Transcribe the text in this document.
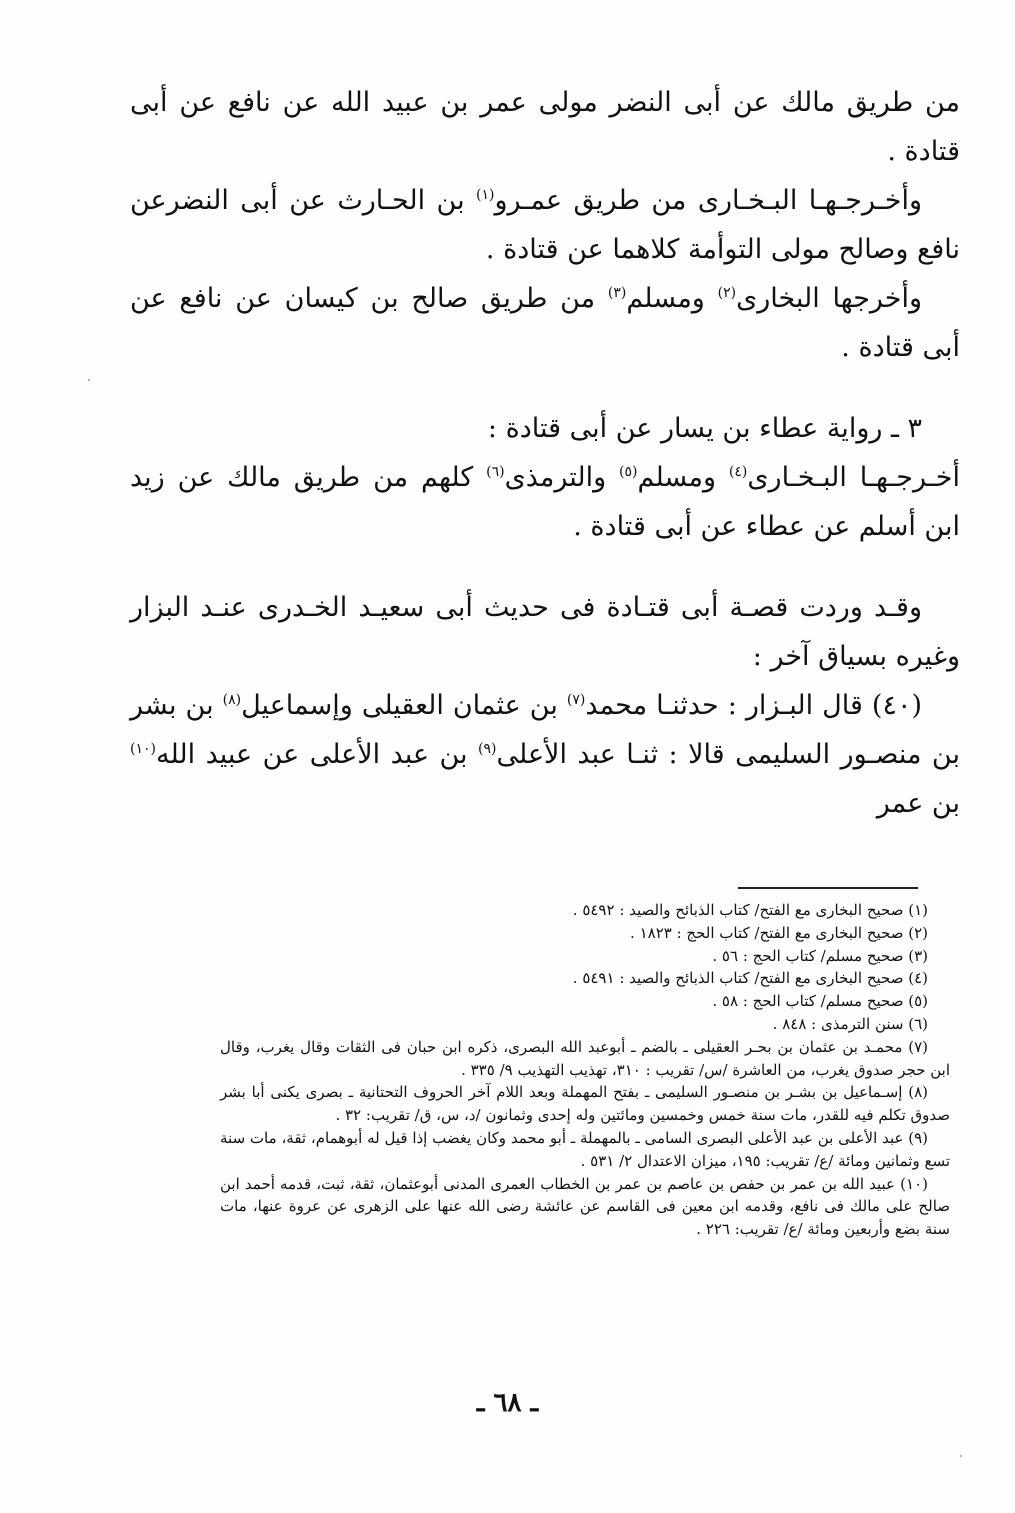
من طريق مالك عن أبى النضر مولى عمر بن عبيد الله عن نافع عن أبى قتادة .

وأخـرجـهـا البـخـارى من طريق عمـرو$^{(١)}$ بن الحـارث عن أبى النضرعن نافع وصالح مولى التوأمة كلاهما عن قتادة .

وأخرجها البخارى$^{(٢)}$ ومسلم$^{(٣)}$ من طريق صالح بن كيسان عن نافع عن أبى قتادة .

٣ ـ رواية عطاء بن يسار عن أبى قتادة :

أخـرجـهـا البـخـارى$^{(٤)}$ ومسلم$^{(٥)}$ والترمذى$^{(٦)}$ كلهم من طريق مالك عن زيد ابن أسلم عن عطاء عن أبى قتادة .

وقـد وردت قصـة أبى قتـادة فى حديث أبى سعيـد الخـدرى عنـد البزار وغيره بسياق آخر :

(٤٠) قال البـزار : حدثنـا محمد$^{(٧)}$ بن عثمان العقيلى وإسماعيل$^{(٨)}$ بن بشر بن منصـور السليمى قالا : ثنـا عبد الأعلى$^{(٩)}$ بن عبد الأعلى عن عبيد الله$^{(١٠)}$ بن عمر

(١) صحيح البخارى مع الفتح/ كتاب الذبائح والصيد : ٥٤٩٢ .

(٢) صحيح البخارى مع الفتح/ كتاب الحج : ١٨٢٣ .

(٣) صحيح مسلم/ كتاب الحج : ٥٦ .

(٤) صحيح البخارى مع الفتح/ كتاب الذبائح والصيد : ٥٤٩١ .

(٥) صحيح مسلم/ كتاب الحج : ٥٨ .

(٦) سنن الترمذى : ٨٤٨ .

(٧) محمـد بن عثمان بن بحـر العقيلى ـ بالضم ـ أبوعبد الله البصرى، ذكره ابن حبان فى الثقات وقال يغرب، وقال ابن حجر صدوق يغرب، من العاشرة /س/ تقريب : ٣١٠، تهذيب التهذيب ٩/ ٣٣٥ .

(٨) إسـماعيل بن بشـر بن منصـور السليمى ـ بفتح المهملة وبعد اللام آخر الحروف التحتانية ـ بصرى يكنى أبا بشر صدوق تكلم فيه للقدر، مات سنة خمس وخمسين ومائتين وله إحدى وثمانون /د، س، ق/ تقريب: ٣٢ .

(٩) عبد الأعلى بن عبد الأعلى البصرى السامى ـ بالمهملة ـ أبو محمد وكان يغضب إذا قيل له أبوهمام، ثقة، مات سنة تسع وثمانين ومائة /ع/ تقريب: ١٩٥، ميزان الاعتدال ٢/ ٥٣١ .

(١٠) عبيد الله بن عمر بن حفص بن عاصم بن عمر بن الخطاب العمرى المدنى أبوعثمان، ثقة، ثبت، قدمه أحمد ابن صالح على مالك فى نافع، وقدمه ابن معين فى القاسم عن عائشة رضى الله عنها على الزهرى عن عروة عنها، مات سنة بضع وأربعين ومائة /ع/ تقريب: ٢٢٦ .

ـ ٦٨ ـ
